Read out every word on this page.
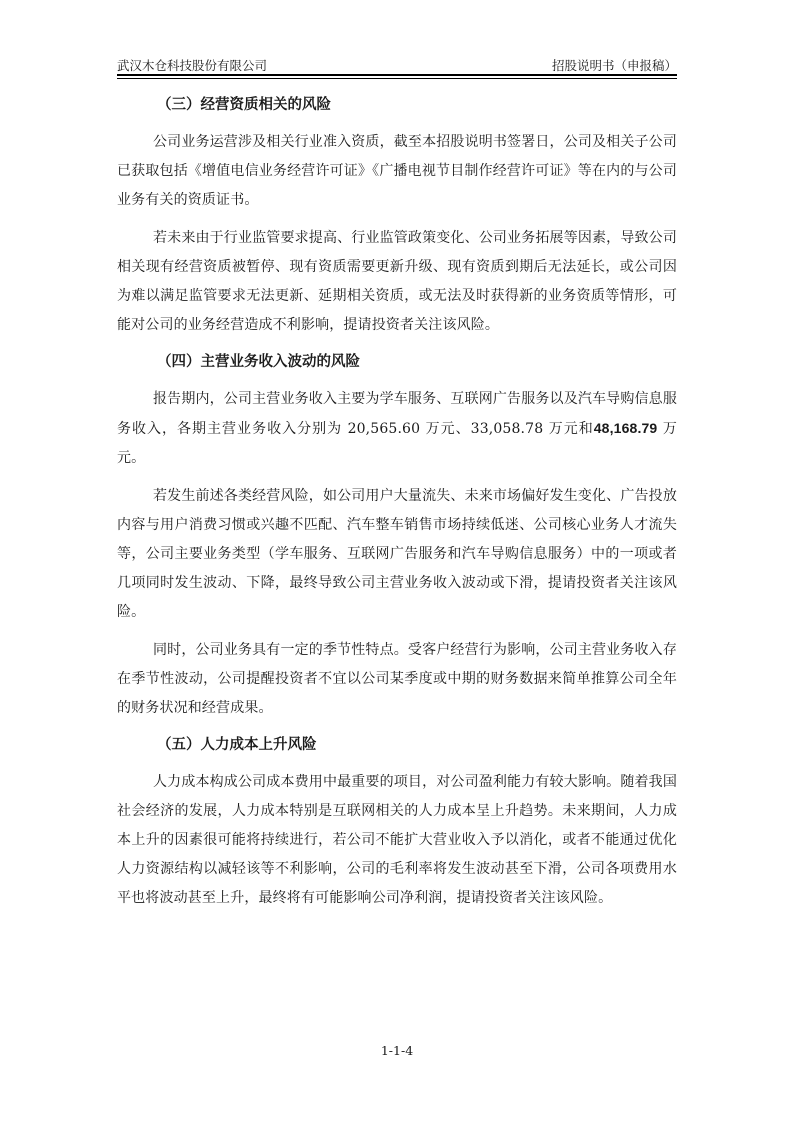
武汉木仓科技股份有限公司	招股说明书（申报稿）
（三）经营资质相关的风险

公司业务运营涉及相关行业准入资质，截至本招股说明书签署日，公司及相关子公司已获取包括《增值电信业务经营许可证》《广播电视节目制作经营许可证》等在内的与公司业务有关的资质证书。

若未来由于行业监管要求提高、行业监管政策变化、公司业务拓展等因素，导致公司相关现有经营资质被暂停、现有资质需要更新升级、现有资质到期后无法延长，或公司因为难以满足监管要求无法更新、延期相关资质，或无法及时获得新的业务资质等情形，可能对公司的业务经营造成不利影响，提请投资者关注该风险。

（四）主营业务收入波动的风险

报告期内，公司主营业务收入主要为学车服务、互联网广告服务以及汽车导购信息服务收入，各期主营业务收入分别为 20,565.60 万元、33,058.78 万元和48,168.79 万元。

若发生前述各类经营风险，如公司用户大量流失、未来市场偏好发生变化、广告投放内容与用户消费习惯或兴趣不匹配、汽车整车销售市场持续低迷、公司核心业务人才流失等，公司主要业务类型（学车服务、互联网广告服务和汽车导购信息服务）中的一项或者几项同时发生波动、下降，最终导致公司主营业务收入波动或下滑，提请投资者关注该风险。

同时，公司业务具有一定的季节性特点。受客户经营行为影响，公司主营业务收入存在季节性波动，公司提醒投资者不宜以公司某季度或中期的财务数据来简单推算公司全年的财务状况和经营成果。

（五）人力成本上升风险

人力成本构成公司成本费用中最重要的项目，对公司盈利能力有较大影响。随着我国社会经济的发展，人力成本特别是互联网相关的人力成本呈上升趋势。未来期间，人力成本上升的因素很可能将持续进行，若公司不能扩大营业收入予以消化，或者不能通过优化人力资源结构以减轻该等不利影响，公司的毛利率将发生波动甚至下滑，公司各项费用水平也将波动甚至上升，最终将有可能影响公司净利润，提请投资者关注该风险。

1-1-4
